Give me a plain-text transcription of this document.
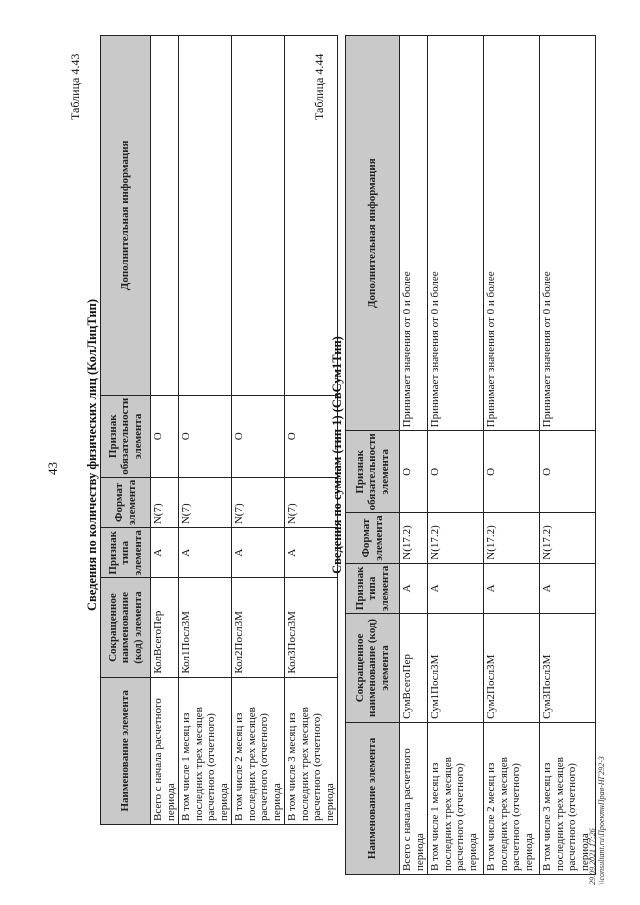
43
Таблица 4.43
Сведения по количеству физических лиц (КолЛицТип)
Наименование элемента	Сокращенное наименование (код) элемента	Признак типа элемента	Формат элемента	Признак обязательности элемента	Дополнительная информация
Всего с начала расчетного периода	КолВсегоПер	А	N(7)	О	
В том числе 1 месяц из последних трех месяцев расчетного (отчетного) периода	Кол1Посл3М	А	N(7)	О	
В том числе 2 месяц из последних трех месяцев расчетного (отчетного) периода	Кол2Посл3М	А	N(7)	О	
В том числе 3 месяц из последних трех месяцев расчетного (отчетного) периода	Кол3Посл3М	А	N(7)	О	
Таблица 4.44
Сведения по суммам (тип 1) (СвСум1Тип)
Наименование элемента	Сокращенное наименование (код) элемента	Признак типа элемента	Формат элемента	Признак обязательности элемента	Дополнительная информация
Всего с начала расчетного периода	СумВсегоПер	А	N(17.2)	О	Принимает значения от 0 и более
В том числе 1 месяц из последних трех месяцев расчетного (отчетного) периода	Сум1Посл3М	А	N(17.2)	О	Принимает значения от 0 и более
В том числе 2 месяц из последних трех месяцев расчетного (отчетного) периода	Сум2Посл3М	А	N(17.2)	О	Принимает значения от 0 и более
В том числе 3 месяц из последних трех месяцев расчетного (отчетного) периода	Сум3Посл3М	А	N(17.2)	О	Принимает значения от 0 и более
29.09.2021 17:26 \\consultant.ru\ПроектнПрав-НГ292-3
